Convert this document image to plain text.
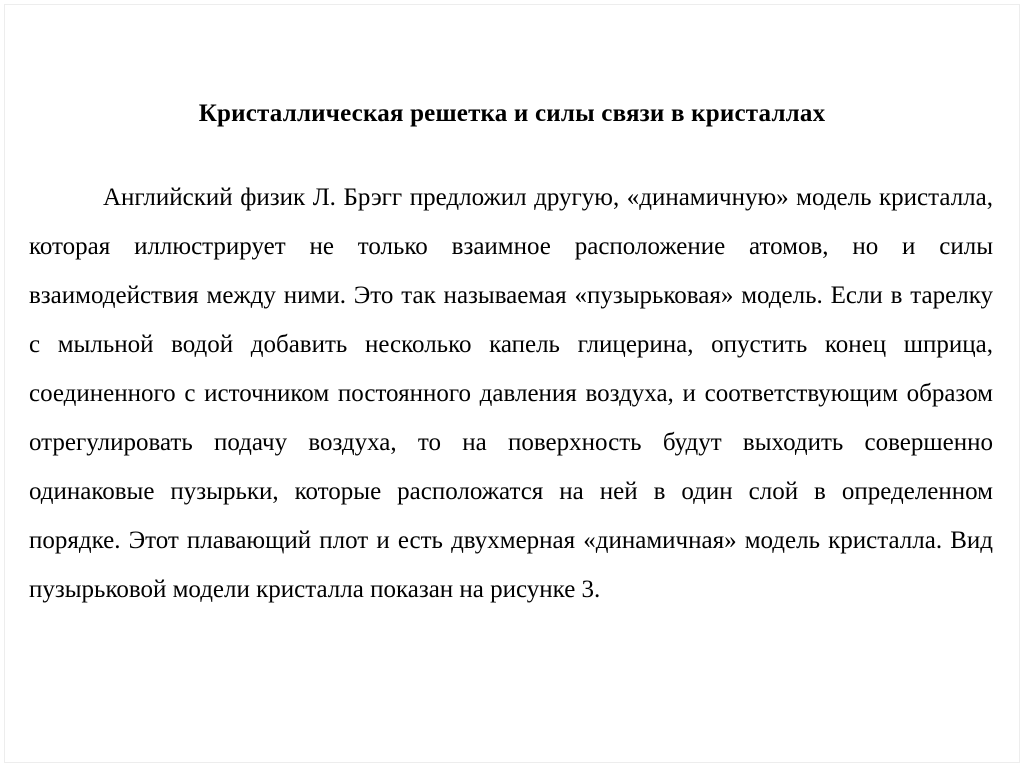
Кристаллическая решетка и силы связи в кристаллах
Английский физик Л. Брэгг предложил другую, «динамичную» модель кристалла, которая иллюстрирует не только взаимное расположение атомов, но и силы взаимодействия между ними. Это так называемая «пузырьковая» модель. Если в тарелку с мыльной водой добавить несколько капель глицерина, опустить конец шприца, соединенного с источником постоянного давления воздуха, и соответствующим образом отрегулировать подачу воздуха, то на поверхность будут выходить совершенно одинаковые пузырьки, которые расположатся на ней в один слой в определенном порядке. Этот плавающий плот и есть двухмерная «динамичная» модель кристалла. Вид пузырьковой модели кристалла показан на рисунке 3.
